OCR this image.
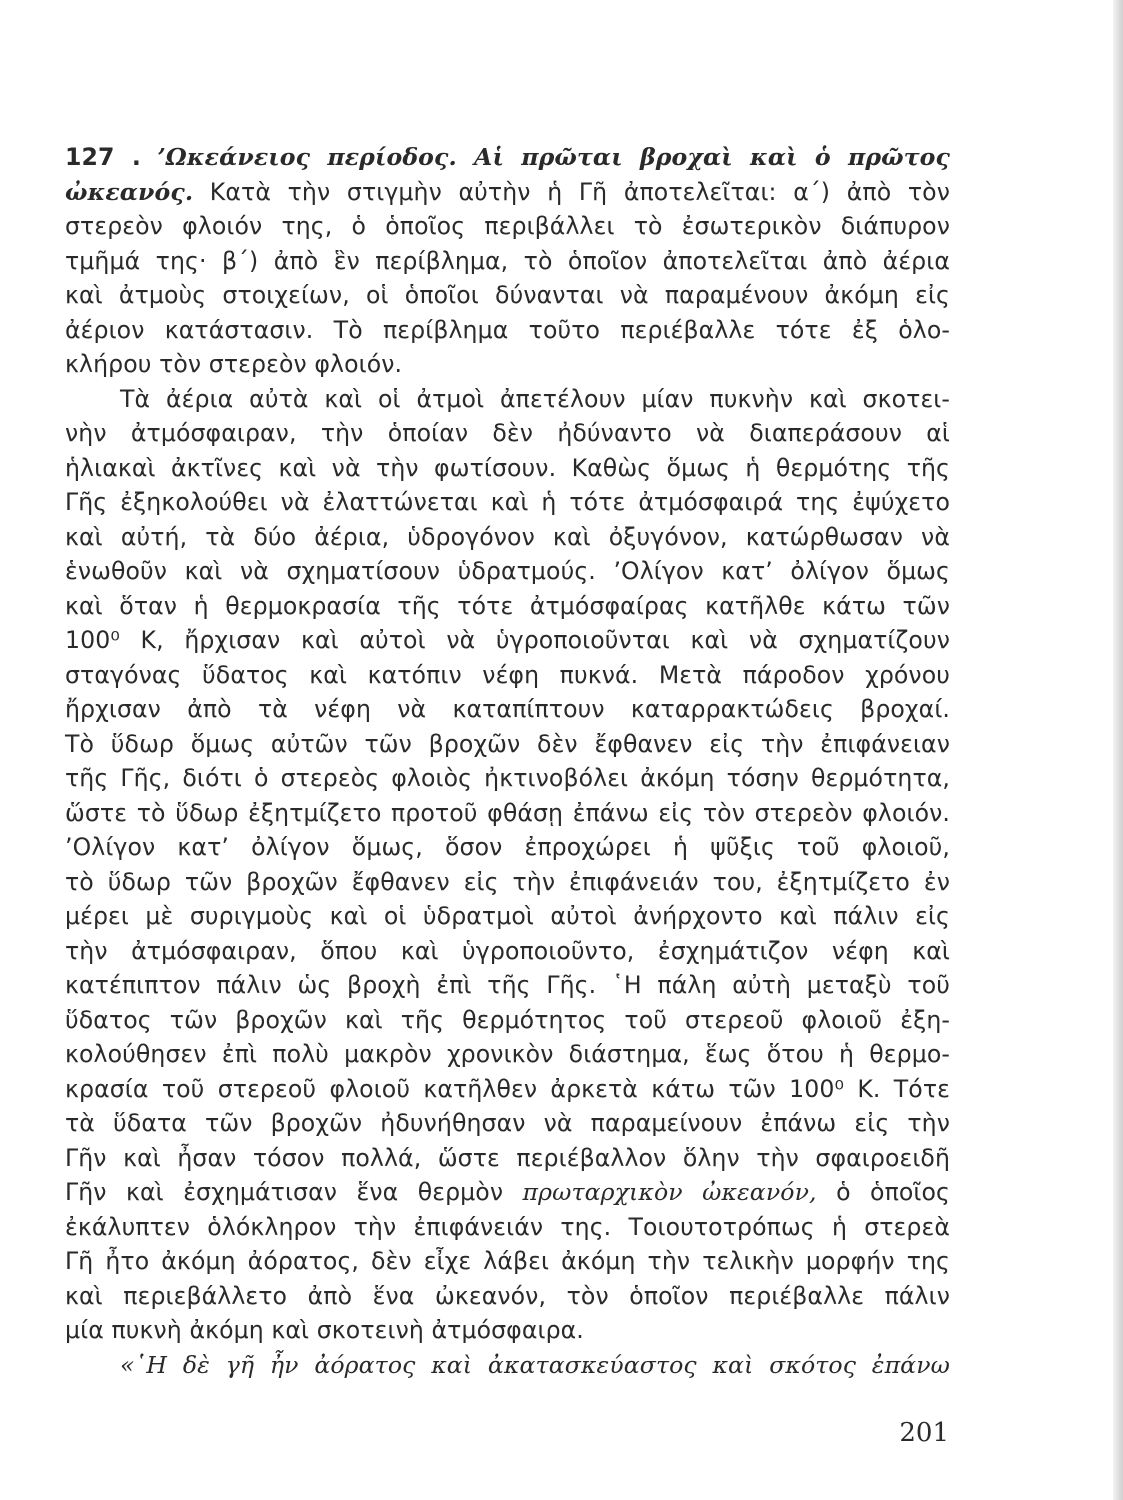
127 . ’Ωκεάνειος περίοδος. Αἱ πρῶται βροχαὶ καὶ ὁ πρῶτος
ὠκεανός. Κατὰ τὴν στιγμὴν αὐτὴν ἡ Γῆ ἀποτελεῖται: α΄) ἀπὸ τὸν
στερεὸν φλοιόν της, ὁ ὁποῖος περιβάλλει τὸ ἐσωτερικὸν διάπυρον
τμῆμά της· β΄) ἀπὸ ἓν περίβλημα, τὸ ὁποῖον ἀποτελεῖται ἀπὸ ἀέρια
καὶ ἀτμοὺς στοιχείων, οἱ ὁποῖοι δύνανται νὰ παραμένουν ἀκόμη εἰς
ἀέριον κατάστασιν. Τὸ περίβλημα τοῦτο περιέβαλλε τότε ἐξ ὁλο-
κλήρου τὸν στερεὸν φλοιόν.
Τὰ ἀέρια αὐτὰ καὶ οἱ ἀτμοὶ ἀπετέλουν μίαν πυκνὴν καὶ σκοτει-
νὴν ἀτμόσφαιραν, τὴν ὁποίαν δὲν ἠδύναντο νὰ διαπεράσουν αἱ
ἡλιακαὶ ἀκτῖνες καὶ νὰ τὴν φωτίσουν. Καθὼς ὅμως ἡ θερμότης τῆς
Γῆς ἐξηκολούθει νὰ ἐλαττώνεται καὶ ἡ τότε ἀτμόσφαιρά της ἐψύχετο
καὶ αὐτή, τὰ δύο ἀέρια, ὑδρογόνον καὶ ὀξυγόνον, κατώρθωσαν νὰ
ἑνωθοῦν καὶ νὰ σχηματίσουν ὑδρατμούς. ’Ολίγον κατ’ ὀλίγον ὅμως
καὶ ὅταν ἡ θερμοκρασία τῆς τότε ἀτμόσφαίρας κατῆλθε κάτω τῶν
100⁰ Κ, ἤρχισαν καὶ αὐτοὶ νὰ ὑγροποιοῦνται καὶ νὰ σχηματίζουν
σταγόνας ὕδατος καὶ κατόπιν νέφη πυκνά. Μετὰ πάροδον χρόνου
ἤρχισαν ἀπὸ τὰ νέφη νὰ καταπίπτουν καταρρακτώδεις βροχαί.
Τὸ ὕδωρ ὅμως αὐτῶν τῶν βροχῶν δὲν ἔφθανεν εἰς τὴν ἐπιφάνειαν
τῆς Γῆς, διότι ὁ στερεὸς φλοιὸς ἠκτινοβόλει ἀκόμη τόσην θερμότητα,
ὥστε τὸ ὕδωρ ἐξητμίζετο προτοῦ φθάσῃ ἐπάνω εἰς τὸν στερεὸν φλοιόν.
’Ολίγον κατ’ ὀλίγον ὅμως, ὅσον ἐπροχώρει ἡ ψῦξις τοῦ φλοιοῦ,
τὸ ὕδωρ τῶν βροχῶν ἔφθανεν εἰς τὴν ἐπιφάνειάν του, ἐξητμίζετο ἐν
μέρει μὲ συριγμοὺς καὶ οἱ ὑδρατμοὶ αὐτοὶ ἀνήρχοντο καὶ πάλιν εἰς
τὴν ἀτμόσφαιραν, ὅπου καὶ ὑγροποιοῦντο, ἐσχημάτιζον νέφη καὶ
κατέπιπτον πάλιν ὡς βροχὴ ἐπὶ τῆς Γῆς. ῾Η πάλη αὐτὴ μεταξὺ τοῦ
ὕδατος τῶν βροχῶν καὶ τῆς θερμότητος τοῦ στερεοῦ φλοιοῦ ἐξη-
κολούθησεν ἐπὶ πολὺ μακρὸν χρονικὸν διάστημα, ἕως ὅτου ἡ θερμο-
κρασία τοῦ στερεοῦ φλοιοῦ κατῆλθεν ἀρκετὰ κάτω τῶν 100⁰ Κ. Τότε
τὰ ὕδατα τῶν βροχῶν ἠδυνήθησαν νὰ παραμείνουν ἐπάνω εἰς τὴν
Γῆν καὶ ἦσαν τόσον πολλά, ὥστε περιέβαλλον ὅλην τὴν σφαιροειδῆ
Γῆν καὶ ἐσχημάτισαν ἕνα θερμὸν πρωταρχικὸν ὠκεανόν, ὁ ὁποῖος
ἐκάλυπτεν ὁλόκληρον τὴν ἐπιφάνειάν της. Τοιουτοτρόπως ἡ στερεὰ
Γῆ ἦτο ἀκόμη ἀόρατος, δὲν εἶχε λάβει ἀκόμη τὴν τελικὴν μορφήν της
καὶ περιεβάλλετο ἀπὸ ἕνα ὠκεανόν, τὸν ὁποῖον περιέβαλλε πάλιν
μία πυκνὴ ἀκόμη καὶ σκοτεινὴ ἀτμόσφαιρα.
«῾Η δὲ γῆ ἦν ἀόρατος καὶ ἀκατασκεύαστος καὶ σκότος ἐπάνω
201
